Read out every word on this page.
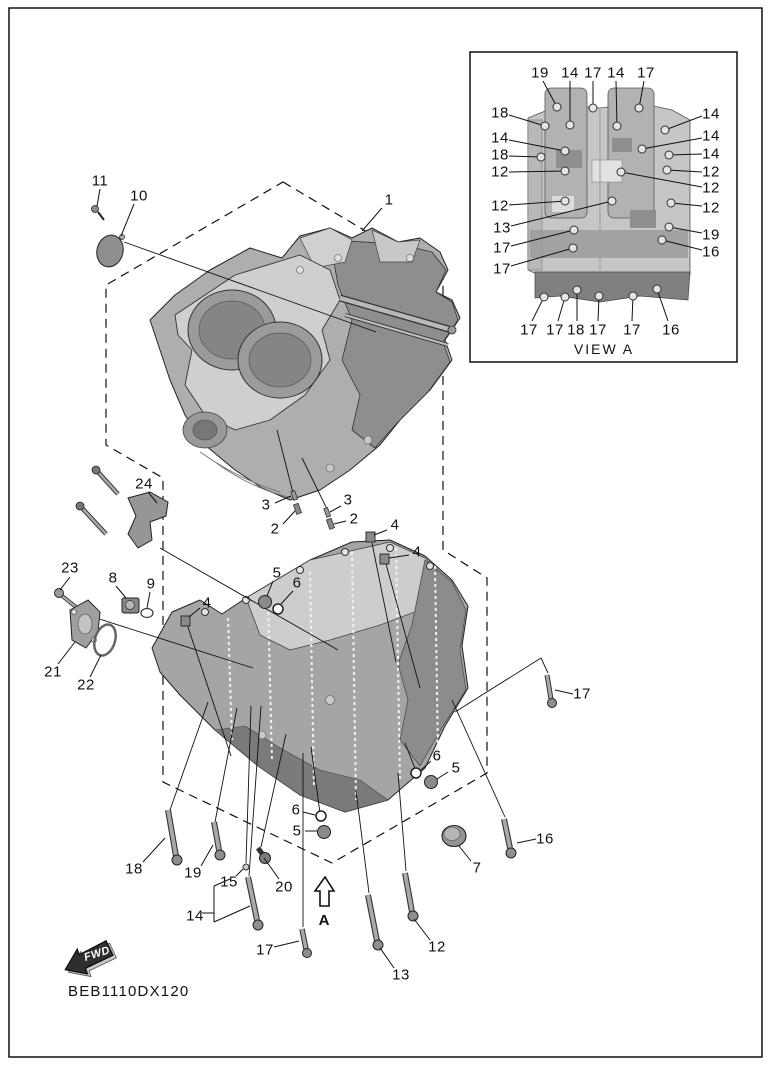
19 14 17 14 17
18
14
18
12
12
13
17
17
14
14
14
12
12
12
19
16
17 17 18 17 17 16
VIEW A
11
10	1
24
3
2
3
2 4
4
23
8 9
4
5
6
21
22
17
6
5
6
5
7
16
18	19
15 20
14
17	12
13
A
FWD
BEB1110DX120
